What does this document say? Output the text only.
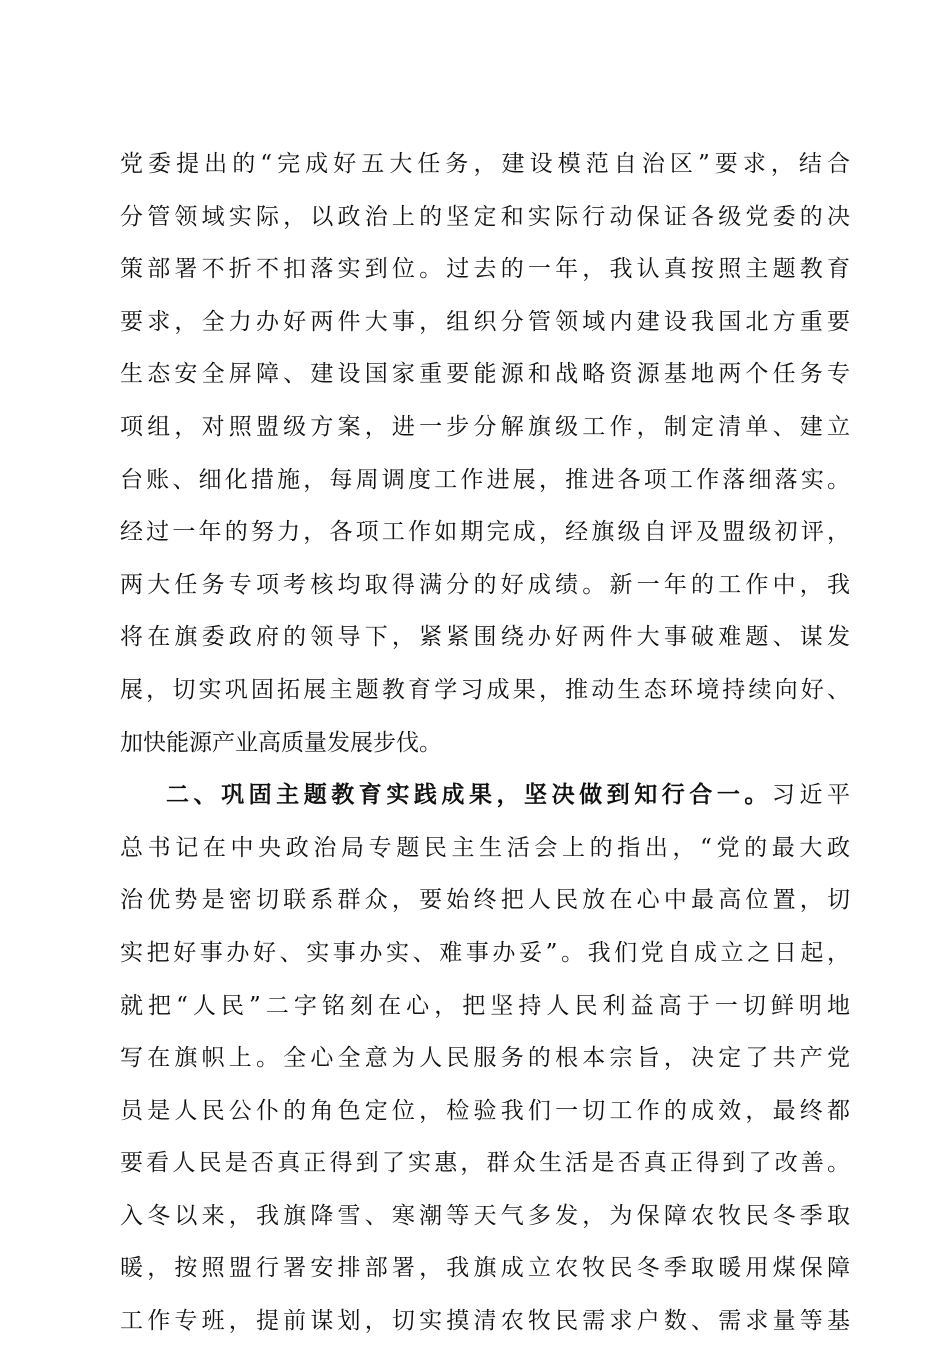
党委提出的“完成好五大任务，建设模范自治区”要求，结合
分管领域实际，以政治上的坚定和实际行动保证各级党委的决
策部署不折不扣落实到位。过去的一年，我认真按照主题教育
要求，全力办好两件大事，组织分管领域内建设我国北方重要
生态安全屏障、建设国家重要能源和战略资源基地两个任务专
项组，对照盟级方案，进一步分解旗级工作，制定清单、建立
台账、细化措施，每周调度工作进展，推进各项工作落细落实。
经过一年的努力，各项工作如期完成，经旗级自评及盟级初评，
两大任务专项考核均取得满分的好成绩。新一年的工作中，我
将在旗委政府的领导下，紧紧围绕办好两件大事破难题、谋发
展，切实巩固拓展主题教育学习成果，推动生态环境持续向好、
加快能源产业高质量发展步伐。
二、巩固主题教育实践成果，坚决做到知行合一。习近平
总书记在中央政治局专题民主生活会上的指出，“党的最大政
治优势是密切联系群众，要始终把人民放在心中最高位置，切
实把好事办好、实事办实、难事办妥”。我们党自成立之日起，
就把“人民”二字铭刻在心，把坚持人民利益高于一切鲜明地
写在旗帜上。全心全意为人民服务的根本宗旨，决定了共产党
员是人民公仆的角色定位，检验我们一切工作的成效，最终都
要看人民是否真正得到了实惠，群众生活是否真正得到了改善。
入冬以来，我旗降雪、寒潮等天气多发，为保障农牧民冬季取
暖，按照盟行署安排部署，我旗成立农牧民冬季取暖用煤保障
工作专班，提前谋划，切实摸清农牧民需求户数、需求量等基
